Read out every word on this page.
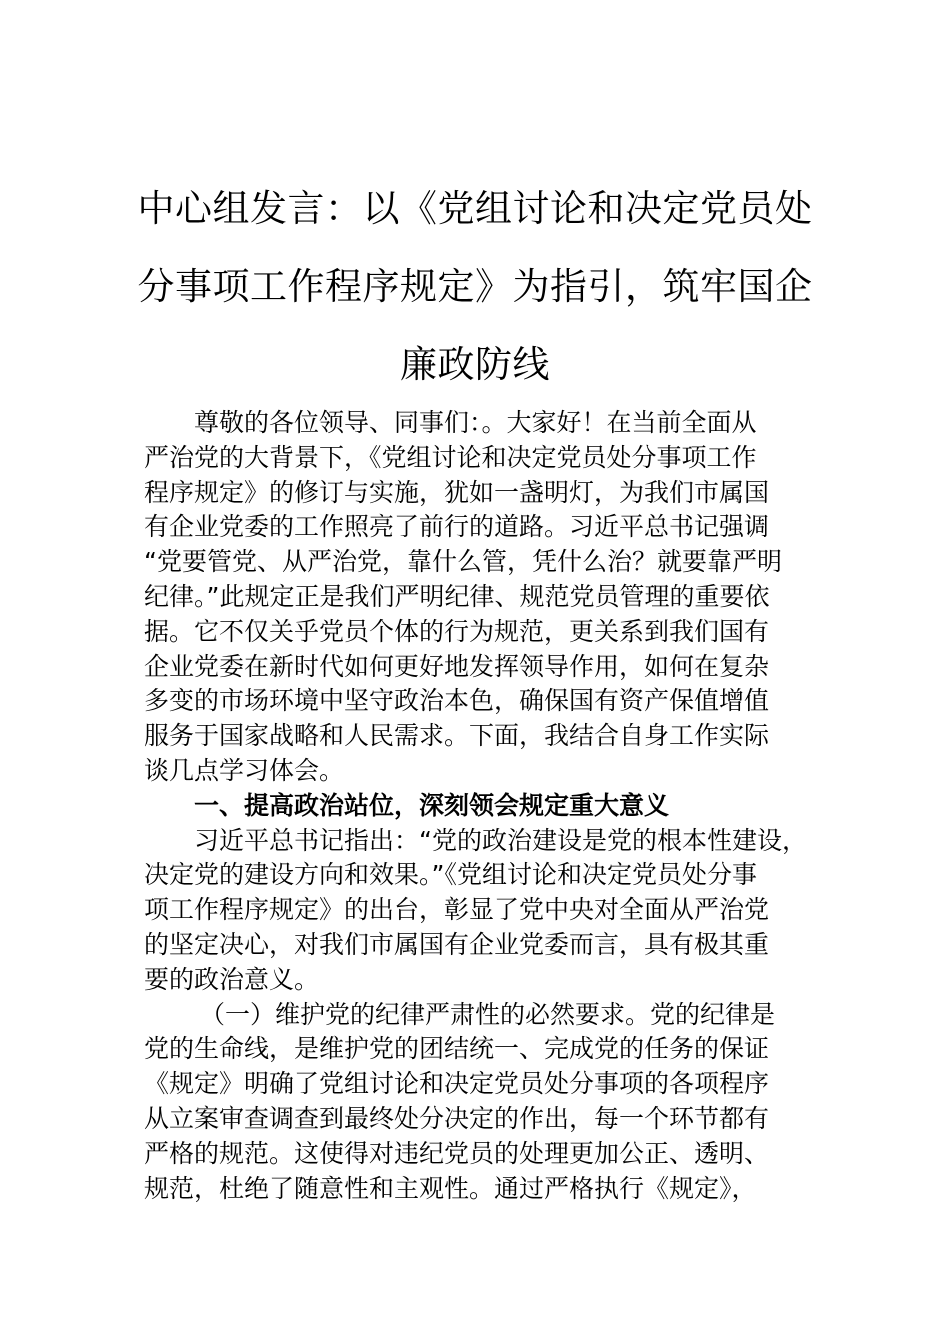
中心组发言：以《党组讨论和决定党员处
分事项工作程序规定》为指引，筑牢国企
廉政防线
尊敬的各位领导、同事们：。大家好！在当前全面从
严治党的大背景下，《党组讨论和决定党员处分事项工作
程序规定》的修订与实施，犹如一盏明灯，为我们市属国
有企业党委的工作照亮了前行的道路。习近平总书记强调
“党要管党、从严治党，靠什么管，凭什么治？就要靠严明
纪律。”此规定正是我们严明纪律、规范党员管理的重要依
据。它不仅关乎党员个体的行为规范，更关系到我们国有
企业党委在新时代如何更好地发挥领导作用，如何在复杂
多变的市场环境中坚守政治本色，确保国有资产保值增值
服务于国家战略和人民需求。下面，我结合自身工作实际
谈几点学习体会。
一、提高政治站位，深刻领会规定重大意义
习近平总书记指出：“党的政治建设是党的根本性建设，
决定党的建设方向和效果。”《党组讨论和决定党员处分事
项工作程序规定》的出台，彰显了党中央对全面从严治党
的坚定决心，对我们市属国有企业党委而言，具有极其重
要的政治意义。
（一）维护党的纪律严肃性的必然要求。党的纪律是
党的生命线，是维护党的团结统一、完成党的任务的保证
《规定》明确了党组讨论和决定党员处分事项的各项程序
从立案审查调查到最终处分决定的作出，每一个环节都有
严格的规范。这使得对违纪党员的处理更加公正、透明、
规范，杜绝了随意性和主观性。通过严格执行《规定》，
